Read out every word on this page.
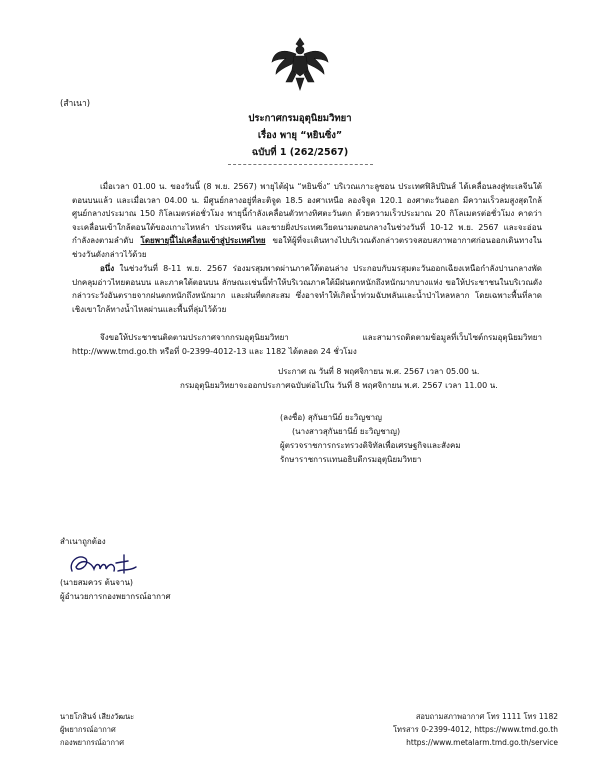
(สำเนา)
ประกาศกรมอุตุนิยมวิทยา
เรื่อง พายุ “หยินซิ่ง”
ฉบับที่ 1 (262/2567)
เมื่อเวลา 01.00 น. ของวันนี้ (8 พ.ย. 2567) พายุไต้ฝุ่น “หยินซิ่ง” บริเวณเกาะลูซอน ประเทศฟิลิปปินส์ ได้เคลื่อนลงสู่ทะเลจีนใต้ตอนบนแล้ว และเมื่อเวลา 04.00 น. มีศูนย์กลางอยู่ที่ละติจูด 18.5 องศาเหนือ ลองจิจูด 120.1 องศาตะวันออก มีความเร็วลมสูงสุดใกล้ศูนย์กลางประมาณ 150 กิโลเมตรต่อชั่วโมง พายุนี้กำลังเคลื่อนตัวทางทิศตะวันตก ด้วยความเร็วประมาณ 20 กิโลเมตรต่อชั่วโมง คาดว่าจะเคลื่อนเข้าใกล้ตอนใต้ของเกาะไหหลำ ประเทศจีน และชายฝั่งประเทศเวียดนามตอนกลางในช่วงวันที่ 10-12 พ.ย. 2567 และจะอ่อนกำลังลงตามลำดับ โดยพายุนี้ไม่เคลื่อนเข้าสู่ประเทศไทย ขอให้ผู้ที่จะเดินทางไปบริเวณดังกล่าวตรวจสอบสภาพอากาศก่อนออกเดินทางในช่วงวันดังกล่าวไว้ด้วย
อนึ่ง ในช่วงวันที่ 8-11 พ.ย. 2567 ร่องมรสุมพาดผ่านภาคใต้ตอนล่าง ประกอบกับมรสุมตะวันออกเฉียงเหนือกำลังปานกลางพัดปกคลุมอ่าวไทยตอนบน และภาคใต้ตอนบน ลักษณะเช่นนี้ทำให้บริเวณภาคใต้มีฝนตกหนักถึงหนักมากบางแห่ง ขอให้ประชาชนในบริเวณดังกล่าวระวังอันตรายจากฝนตกหนักถึงหนักมาก และฝนที่ตกสะสม ซึ่งอาจทำให้เกิดน้ำท่วมฉับพลันและน้ำป่าไหลหลาก โดยเฉพาะพื้นที่ลาดเชิงเขาใกล้ทางน้ำไหลผ่านและพื้นที่ลุ่มไว้ด้วย
จึงขอให้ประชาชนติดตามประกาศจากกรมอุตุนิยมวิทยา และสามารถติดตามข้อมูลที่เว็บไซต์กรมอุตุนิยมวิทยา http://www.tmd.go.th หรือที่ 0-2399-4012-13 และ 1182 ได้ตลอด 24 ชั่วโมง
ประกาศ ณ วันที่ 8 พฤศจิกายน พ.ศ. 2567 เวลา 05.00 น.
กรมอุตุนิยมวิทยาจะออกประกาศฉบับต่อไปใน วันที่ 8 พฤศจิกายน พ.ศ. 2567 เวลา 11.00 น.
(ลงชื่อ) สุกันยานีย์ ยะวิญชาญ
(นางสาวสุกันยานีย์ ยะวิญชาญ)
ผู้ตรวจราชการกระทรวงดิจิทัลเพื่อเศรษฐกิจและสังคม
รักษาราชการแทนอธิบดีกรมอุตุนิยมวิทยา
สำเนาถูกต้อง
(นายสมควร ต้นจาน)
ผู้อำนวยการกองพยากรณ์อากาศ
นายโกสินจ์ เสียงวัฒนะ
ผู้พยากรณ์อากาศ
กองพยากรณ์อากาศ
สอบถามสภาพอากาศ โทร 1111 โทร 1182
โทรสาร 0-2399-4012, https://www.tmd.go.th
https://www.metalarm.tmd.go.th/service
